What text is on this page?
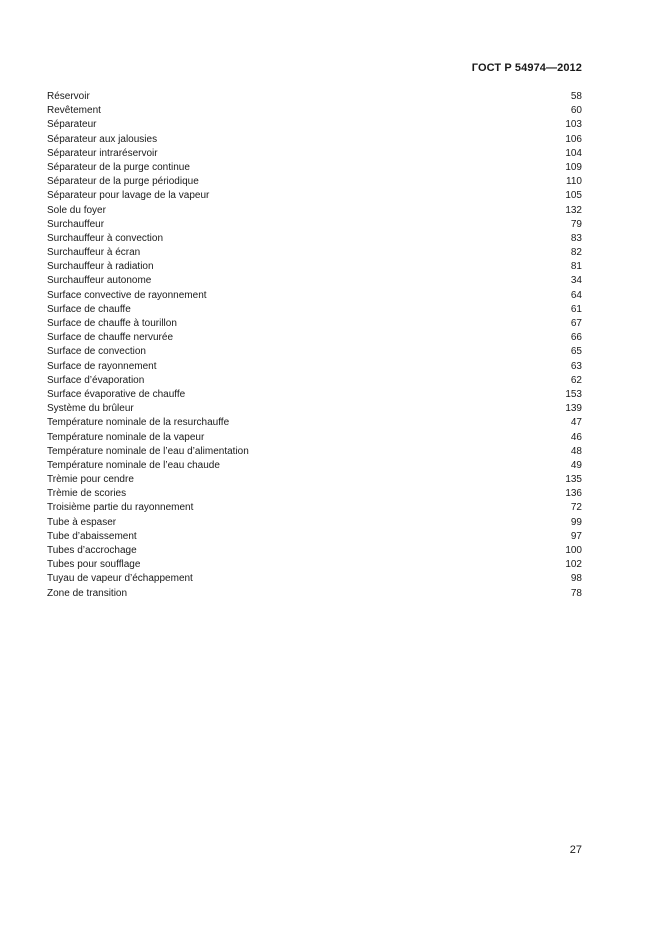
ГОСТ Р 54974—2012
Réservoir	58
Revêtement	60
Séparateur	103
Séparateur aux jalousies	106
Séparateur intraréservoir	104
Séparateur de la purge continue	109
Séparateur de la purge périodique	110
Séparateur pour lavage de la vapeur	105
Sole du foyer	132
Surchauffeur	79
Surchauffeur à convection	83
Surchauffeur à écran	82
Surchauffeur à radiation	81
Surchauffeur autonome	34
Surface convective de rayonnement	64
Surface de chauffe	61
Surface de chauffe à tourillon	67
Surface de chauffe nervurée	66
Surface de convection	65
Surface de rayonnement	63
Surface d’évaporation	62
Surface évaporative de chauffe	153
Système du brûleur	139
Température nominale de la resurchauffe	47
Température nominale de la vapeur	46
Température nominale de l’eau d’alimentation	48
Température nominale de l’eau chaude	49
Trèmie pour cendre	135
Trèmie de scories	136
Troisième partie du rayonnement	72
Tube à espaser	99
Tube d’abaissement	97
Tubes d’accrochage	100
Tubes pour soufflage	102
Tuyau de vapeur d’échappement	98
Zone de transition	78
27
